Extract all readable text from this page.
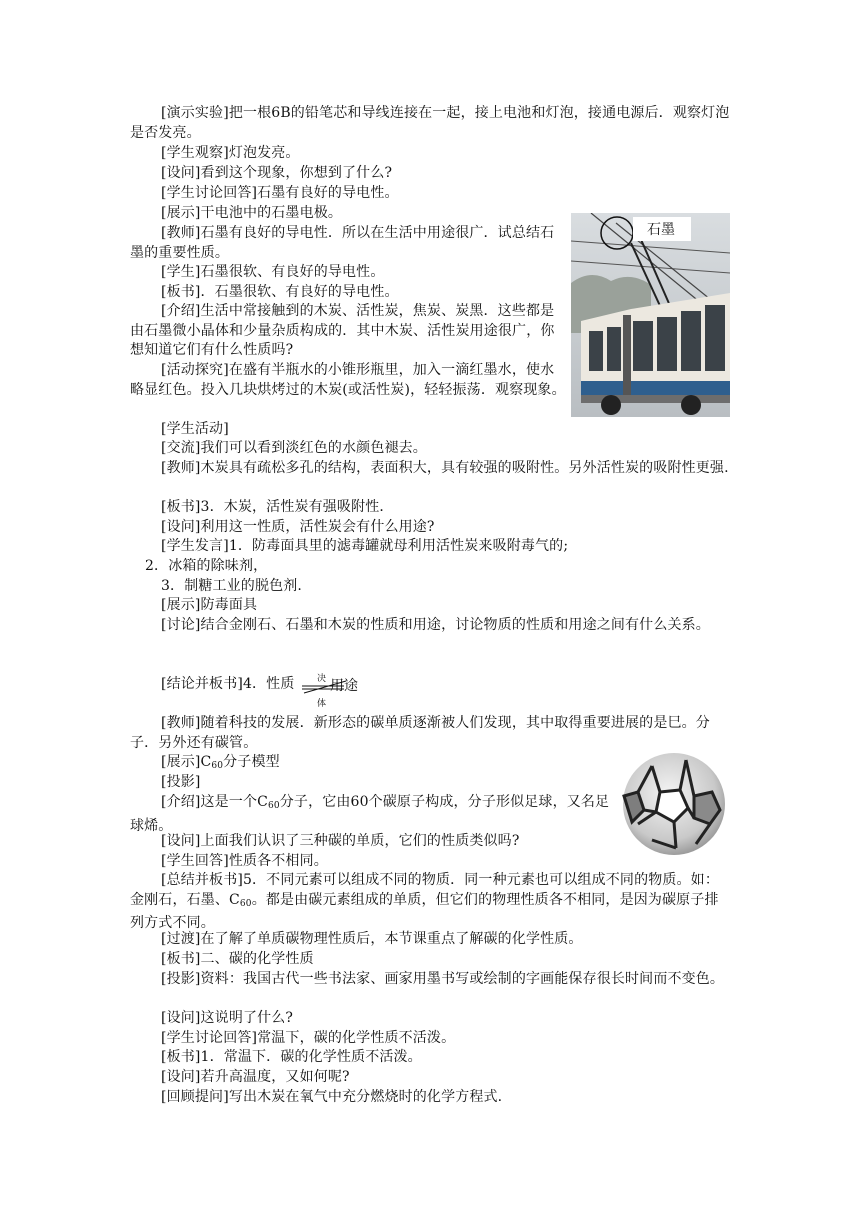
[演示实验]把一根6B的铅笔芯和导线连接在一起，接上电池和灯泡，接通电源后．观察灯泡是否发亮。

[学生观察]灯泡发亮。

[设问]看到这个现象，你想到了什么?

[学生讨论回答]石墨有良好的导电性。

[展示]干电池中的石墨电极。

[教师]石墨有良好的导电性．所以在生活中用途很广．试总结石墨的重要性质。

[学生]石墨很软、有良好的导电性。

[板书]．石墨很软、有良好的导电性。

[介绍]生活中常接触到的木炭、活性炭，焦炭、炭黑．这些都是由石墨微小晶体和少量杂质构成的．其中木炭、活性炭用途很广，你想知道它们有什么性质吗?

[活动探究]在盛有半瓶水的小锥形瓶里，加入一滴红墨水，使水略显红色。投入几块烘烤过的木炭(或活性炭)，轻轻振荡．观察现象。

[学生活动]

[交流]我们可以看到淡红色的水颜色褪去。

[教师]木炭具有疏松多孔的结构，表面积大，具有较强的吸附性。另外活性炭的吸附性更强.

[板书]3．木炭，活性炭有强吸附性．

[设问]利用这一性质，活性炭会有什么用途?

[学生发言]1．防毒面具里的滤毒罐就母利用活性炭来吸附毒气的;

2．冰箱的除味剂，

3．制糖工业的脱色剂.

[展示]防毒面具

[讨论]结合金刚石、石墨和木炭的性质和用途，讨论物质的性质和用途之间有什么关系。

[结论并板书]4．性质	决 用途
体

[教师]随着科技的发展．新形态的碳单质逐渐被人们发现，其中取得重要进展的是巳。分子．另外还有碳管。

[展示]$C_{60}$分子模型

[投影]

[介绍]这是一个$C_{60}$分子，它由60个碳原子构成，分子形似足球，又名足球烯。

[设问]上面我们认识了三种碳的单质，它们的性质类似吗?

[学生回答]性质各不相同。

[总结并板书]5．不同元素可以组成不同的物质．同一种元素也可以组成不同的物质。如：金刚石，石墨、$C_{60}$。都是由碳元素组成的单质，但它们的物理性质各不相同，是因为碳原子排列方式不同。

[过渡]在了解了单质碳物理性质后，本节课重点了解碳的化学性质。

[板书]二、碳的化学性质

[投影]资料：我国古代一些书法家、画家用墨书写或绘制的字画能保存很长时间而不变色。

[设问]这说明了什么?

[学生讨论回答]常温下，碳的化学性质不活泼。

[板书]1．常温下．碳的化学性质不活泼。

[设问]若升高温度，又如何呢?

[回顾提问]写出木炭在氧气中充分燃烧时的化学方程式.

石墨
